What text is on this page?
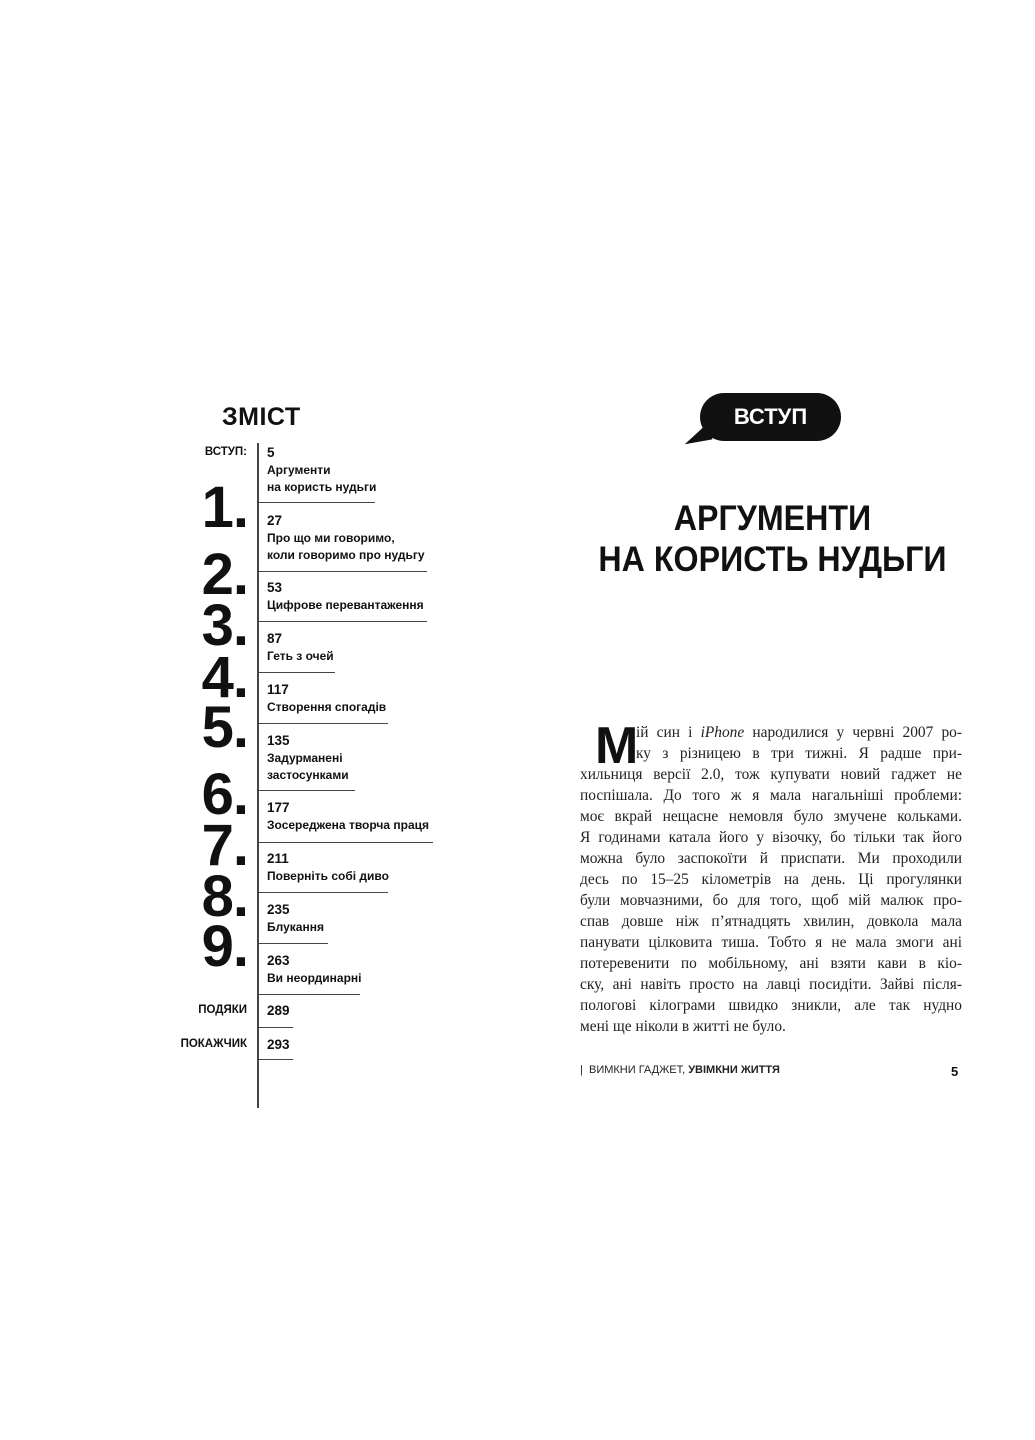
ЗМІСТ
ВСТУП: 5
Аргументи
на користь нудьги
1. 27
Про що ми говоримо,
коли говоримо про нудьгу
2. 53
Цифрове перевантаження
3. 87
Геть з очей
4. 117
Створення спогадів
5. 135
Задурманені
застосунками
6. 177
Зосереджена творча праця
7. 211
Поверніть собі диво
8. 235
Блукання
9. 263
Ви неординарні
ПОДЯКИ 289
ПОКАЖЧИК 293
ВСТУП
АРГУМЕНТИ
НА КОРИСТЬ НУДЬГИ
М
ій син і iPhone народилися у червні 2007 ро-
ку з різницею в три тижні. Я радше при-
хильниця версії 2.0, тож купувати новий гаджет не
поспішала. До того ж я мала нагальніші проблеми:
моє вкрай нещасне немовля було змучене кольками.
Я годинами катала його у візочку, бо тільки так його
можна було заспокоїти й приспати. Ми проходили
десь по 15–25 кілометрів на день. Ці прогулянки
були мовчазними, бо для того, щоб мій малюк про-
спав довше ніж п’ятнадцять хвилин, довкола мала
панувати цілковита тиша. Тобто я не мала змоги ані
потеревенити по мобільному, ані взяти кави в кіо-
ску, ані навіть просто на лавці посидіти. Зайві після-
пологові кілограми швидко зникли, але так нудно
мені ще ніколи в житті не було.
| ВИМКНИ ГАДЖЕТ, УВІМКНИ ЖИТТЯ	5
